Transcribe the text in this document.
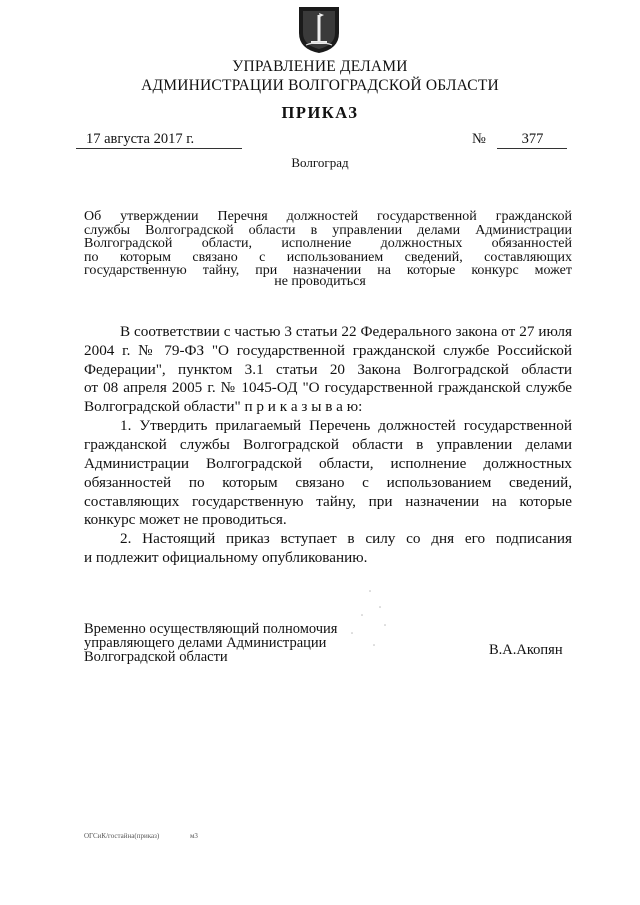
УПРАВЛЕНИЕ ДЕЛАМИ
АДМИНИСТРАЦИИ ВОЛГОГРАДСКОЙ ОБЛАСТИ
ПРИКАЗ
17 августа 2017 г.	№ 377
Волгоград
Об утверждении Перечня должностей государственной гражданской
службы Волгоградской области в управлении делами Администрации
Волгоградской области, исполнение должностных обязанностей
по которым связано с использованием сведений, составляющих
государственную тайну, при назначении на которые конкурс может
не проводиться
В соответствии с частью 3 статьи 22 Федерального закона от 27 июля
2004 г. № 79-ФЗ "О государственной гражданской службе Российской
Федерации", пунктом 3.1 статьи 20 Закона Волгоградской области
от 08 апреля 2005 г. № 1045-ОД "О государственной гражданской службе
Волгоградской области" п р и к а з ы в а ю:
1. Утвердить прилагаемый Перечень должностей государственной
гражданской службы Волгоградской области в управлении делами
Администрации Волгоградской области, исполнение должностных
обязанностей по которым связано с использованием сведений,
составляющих государственную тайну, при назначении на которые
конкурс может не проводиться.
2. Настоящий приказ вступает в силу со дня его подписания
и подлежит официальному опубликованию.
Временно осуществляющий полномочия
управляющего делами Администрации
Волгоградской области	В.А.Акопян
ОГСиК/гостайна(приказ)	м3
